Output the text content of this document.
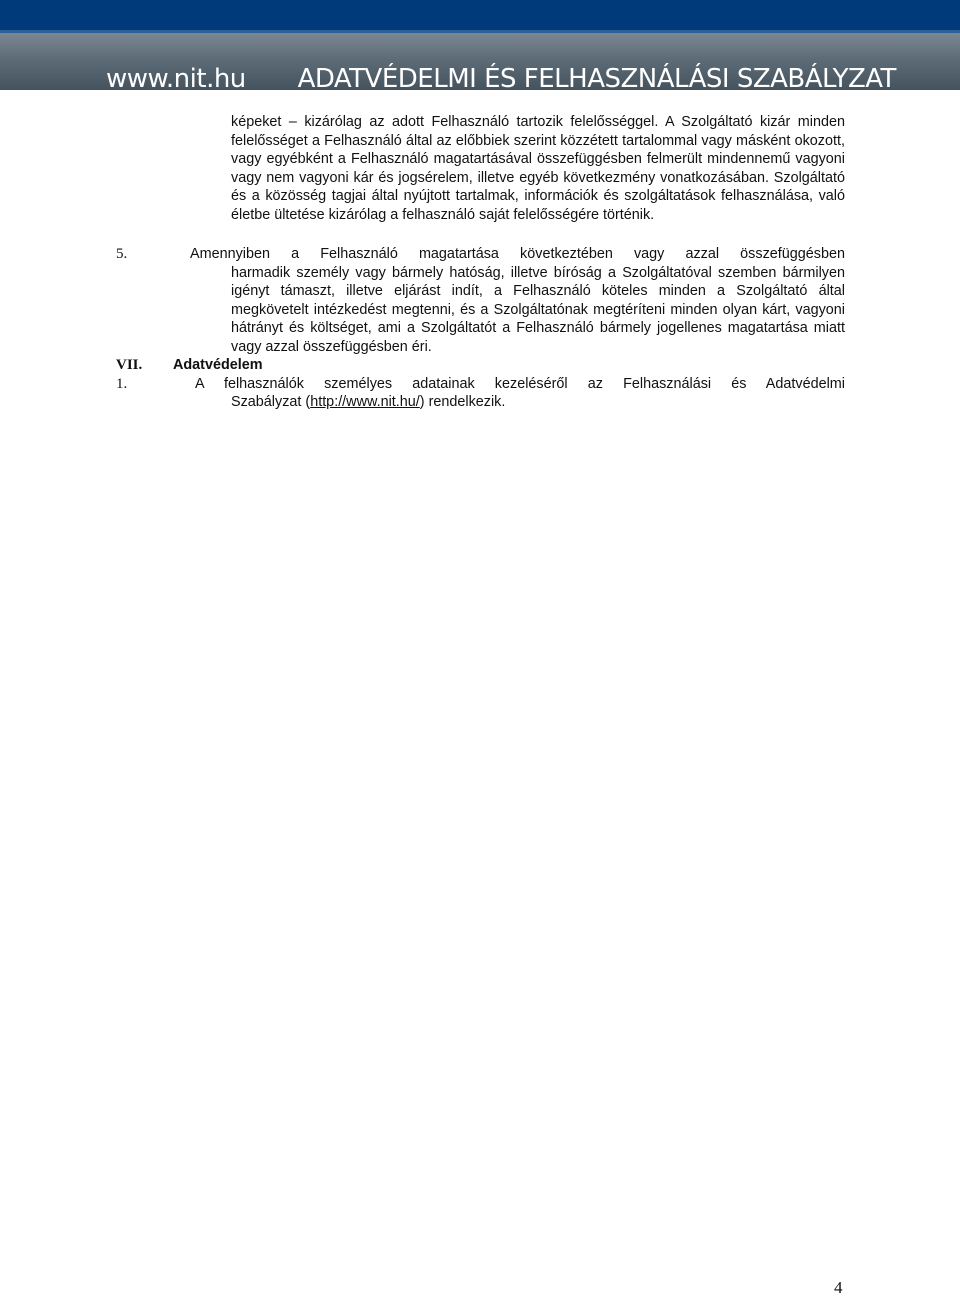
www.nit.hu ADATVÉDELMI ÉS FELHASZNÁLÁSI SZABÁLYZAT
képeket – kizárólag az adott Felhasználó tartozik felelősséggel. A Szolgáltató kizár minden felelősséget a Felhasználó által az előbbiek szerint közzétett tartalommal vagy másként okozott, vagy egyébként a Felhasználó magatartásával összefüggésben felmerült mindennemű vagyoni vagy nem vagyoni kár és jogsérelem, illetve egyéb következmény vonatkozásában. Szolgáltató és a közösség tagjai által nyújtott tartalmak, információk és szolgáltatások felhasználása, való életbe ültetése kizárólag a felhasználó saját felelősségére történik.
5.	Amennyiben a Felhasználó magatartása következtében vagy azzal összefüggésben
harmadik személy vagy bármely hatóság, illetve bíróság a Szolgáltatóval szemben bármilyen igényt támaszt, illetve eljárást indít, a Felhasználó köteles minden a Szolgáltató által megkövetelt intézkedést megtenni, és a Szolgáltatónak megtéríteni minden olyan kárt, vagyoni hátrányt és költséget, ami a Szolgáltatót a Felhasználó bármely jogellenes magatartása miatt vagy azzal összefüggésben éri.
VII. Adatvédelem
1.	A felhasználók személyes adatainak kezeléséről az Felhasználási és Adatvédelmi
Szabályzat (http://www.nit.hu/) rendelkezik.
4
